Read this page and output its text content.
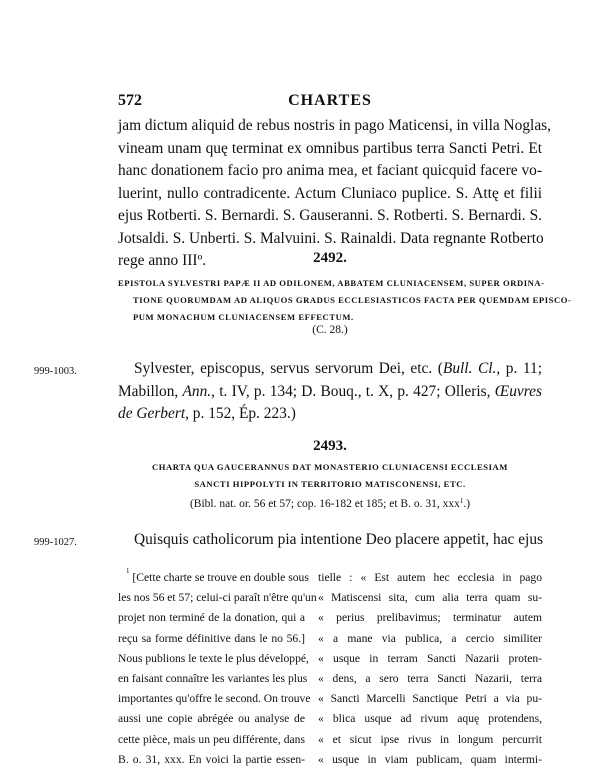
572	CHARTES
jam dictum aliquid de rebus nostris in pago Maticensi, in villa Noglas,
vineam unam quę terminat ex omnibus partibus terra Sancti Petri. Et
hanc donationem facio pro anima mea, et faciant quicquid facere vo-
luerint, nullo contradicente. Actum Cluniaco puplice. S. Attę et filii
ejus Rotberti. S. Bernardi. S. Gauseranni. S. Rotberti. S. Bernardi. S.
Jotsaldi. S. Unberti. S. Malvuini. S. Rainaldi. Data regnante Rotberto
rege anno IIIº.	2492.
EPISTOLA SYLVESTRI PAPÆ II AD ODILONEM, ABBATEM CLUNIACENSEM, SUPER ORDINA-
TIONE QUORUMDAM AD ALIQUOS GRADUS ECCLESIASTICOS FACTA PER QUEMDAM EPISCO-
PUM MONACHUM CLUNIACENSEM EFFECTUM.
(C. 28.)
999-1003.	Sylvester, episcopus, servus servorum Dei, etc. (Bull. Cl., p. 11;
Mabillon, Ann., t. IV, p. 134; D. Bouq., t. X, p. 427; Olleris, Œuvres
de Gerbert, p. 152, Ép. 223.)
2493.
CHARTA QUA GAUCERANNUS DAT MONASTERIO CLUNIACENSI ECCLESIAM
SANCTI HIPPOLYTI IN TERRITORIO MATISCONENSI, ETC.
(Bibl. nat. or. 56 et 57; cop. 16-182 et 185; et B. o. 31, xxx$^1$.)
999-1027.	Quisquis catholicorum pia intentione Deo placere appetit, hac ejus
$^1$ [Cette charte se trouve en double sous
les nos 56 et 57; celui-ci paraît n'être qu'un
projet non terminé de la donation, qui a
reçu sa forme définitive dans le no 56.]
Nous publions le texte le plus développé,
en faisant connaître les variantes les plus
importantes qu'offre le second. On trouve
aussi une copie abrégée ou analyse de
cette pièce, mais un peu différente, dans
B. o. 31, xxx. En voici la partie essen-
tielle : « Est autem hec ecclesia in pago
« Matiscensi sita, cum alia terra quam su-
« perius prelibavimus; terminatur autem
« a mane via publica, a cercio similiter
« usque in terram Sancti Nazarii proten-
« dens, a sero terra Sancti Nazarii, terra
« Sancti Marcelli Sanctique Petri a via pu-
« blica usque ad rivum aquę protendens,
« et sicut ipse rivus in longum percurrit
« usque in viam publicam, quam intermi-
